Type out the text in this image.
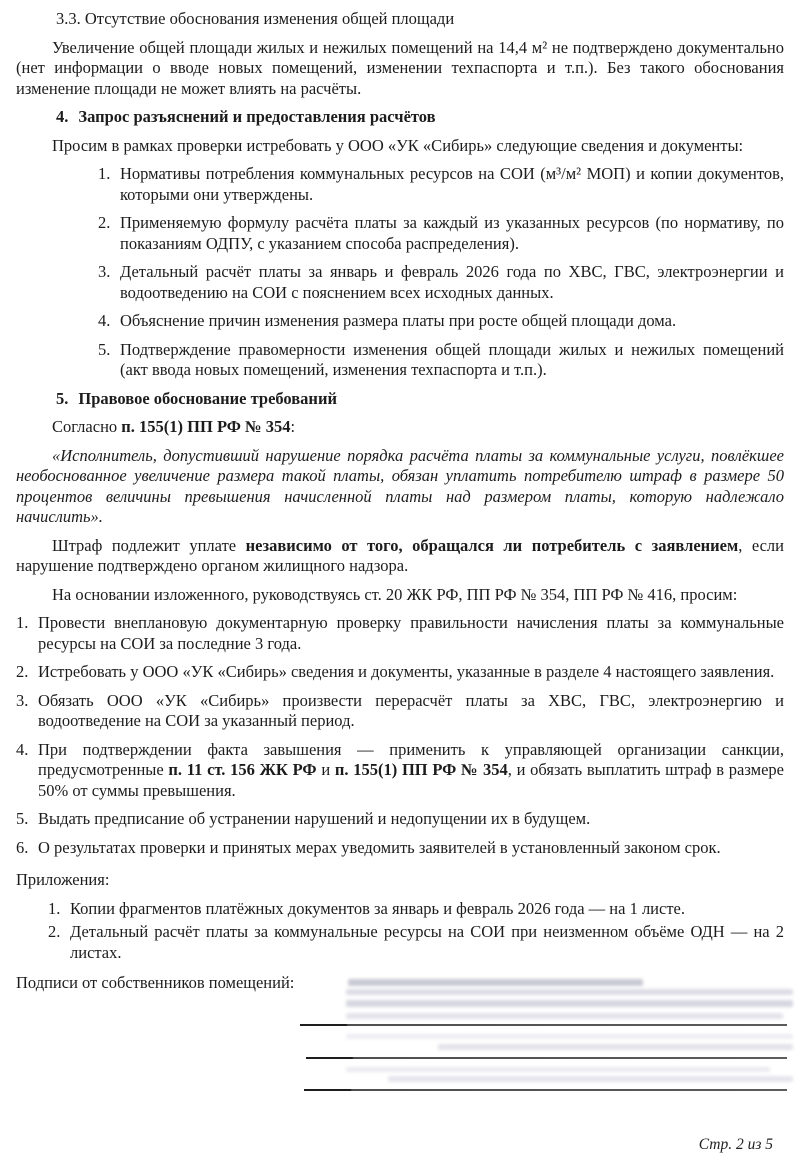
3.3. Отсутствие обоснования изменения общей площади

Увеличение общей площади жилых и нежилых помещений на 14,4 м² не подтверждено документально (нет информации о вводе новых помещений, изменении техпаспорта и т.п.). Без такого обоснования изменение площади не может влиять на расчёты.

4. Запрос разъяснений и предоставления расчётов

Просим в рамках проверки истребовать у ООО «УК «Сибирь» следующие сведения и документы:

1. Нормативы потребления коммунальных ресурсов на СОИ (м³/м² МОП) и копии документов, которыми они утверждены.
2. Применяемую формулу расчёта платы за каждый из указанных ресурсов (по нормативу, по показаниям ОДПУ, с указанием способа распределения).
3. Детальный расчёт платы за январь и февраль 2026 года по ХВС, ГВС, электроэнергии и водоотведению на СОИ с пояснением всех исходных данных.
4. Объяснение причин изменения размера платы при росте общей площади дома.
5. Подтверждение правомерности изменения общей площади жилых и нежилых помещений (акт ввода новых помещений, изменения техпаспорта и т.п.).
5. Правовое обоснование требований

Согласно п. 155(1) ПП РФ № 354:

«Исполнитель, допустивший нарушение порядка расчёта платы за коммунальные услуги, повлёкшее необоснованное увеличение размера такой платы, обязан уплатить потребителю штраф в размере 50 процентов величины превышения начисленной платы над размером платы, которую надлежало начислить».

Штраф подлежит уплате независимо от того, обращался ли потребитель с заявлением, если нарушение подтверждено органом жилищного надзора.

На основании изложенного, руководствуясь ст. 20 ЖК РФ, ПП РФ № 354, ПП РФ № 416, просим:

1. Провести внеплановую документарную проверку правильности начисления платы за коммунальные ресурсы на СОИ за последние 3 года.
2. Истребовать у ООО «УК «Сибирь» сведения и документы, указанные в разделе 4 настоящего заявления.
3. Обязать ООО «УК «Сибирь» произвести перерасчёт платы за ХВС, ГВС, электроэнергию и водоотведение на СОИ за указанный период.
4. При подтверждении факта завышения — применить к управляющей организации санкции, предусмотренные п. 11 ст. 156 ЖК РФ и п. 155(1) ПП РФ № 354, и обязать выплатить штраф в размере 50% от суммы превышения.
5. Выдать предписание об устранении нарушений и недопущении их в будущем.
6. О результатах проверки и принятых мерах уведомить заявителей в установленный законом срок.
Приложения:
1. Копии фрагментов платёжных документов за январь и февраль 2026 года — на 1 листе.
2. Детальный расчёт платы за коммунальные ресурсы на СОИ при неизменном объёме ОДН — на 2 листах.
Подписи от собственников помещений:
Стр. 2 из 5
